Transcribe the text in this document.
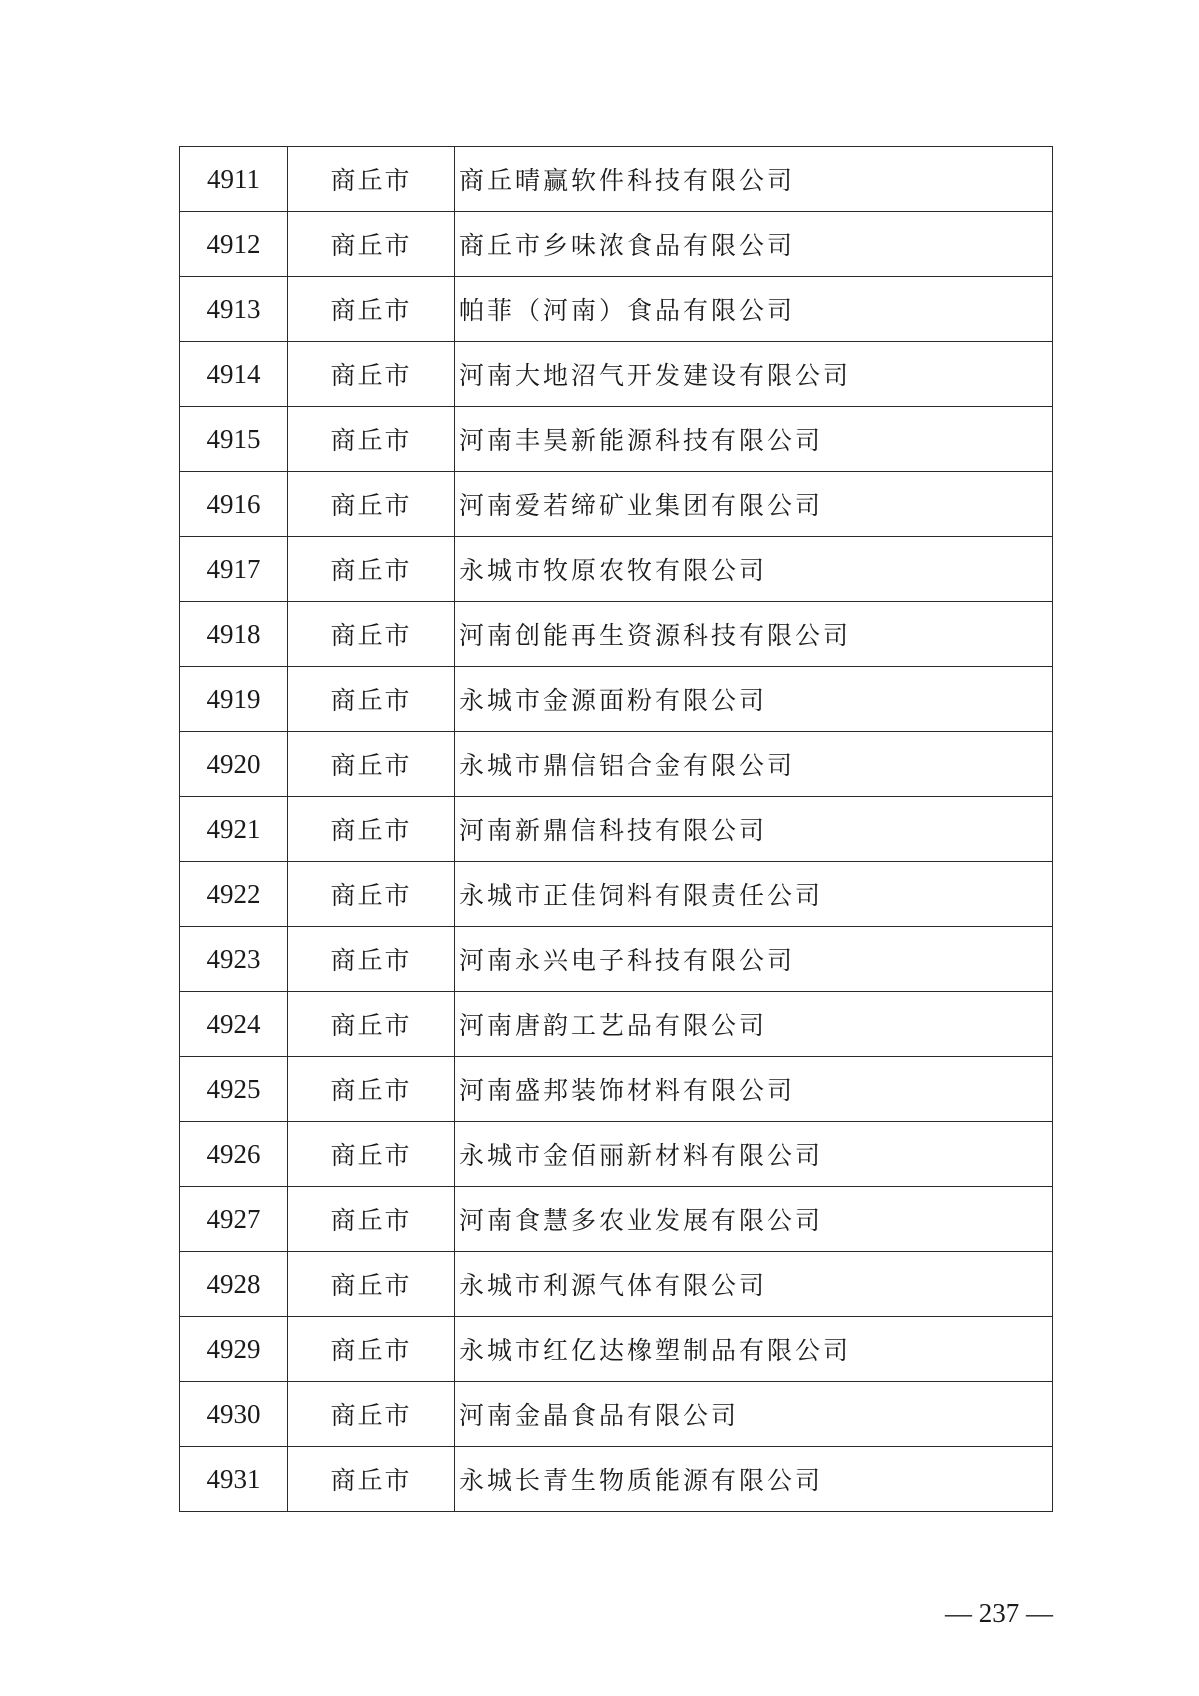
4911	商丘市	商丘晴赢软件科技有限公司
4912	商丘市	商丘市乡味浓食品有限公司
4913	商丘市	帕菲（河南）食品有限公司
4914	商丘市	河南大地沼气开发建设有限公司
4915	商丘市	河南丰昊新能源科技有限公司
4916	商丘市	河南爱若缔矿业集团有限公司
4917	商丘市	永城市牧原农牧有限公司
4918	商丘市	河南创能再生资源科技有限公司
4919	商丘市	永城市金源面粉有限公司
4920	商丘市	永城市鼎信铝合金有限公司
4921	商丘市	河南新鼎信科技有限公司
4922	商丘市	永城市正佳饲料有限责任公司
4923	商丘市	河南永兴电子科技有限公司
4924	商丘市	河南唐韵工艺品有限公司
4925	商丘市	河南盛邦装饰材料有限公司
4926	商丘市	永城市金佰丽新材料有限公司
4927	商丘市	河南食慧多农业发展有限公司
4928	商丘市	永城市利源气体有限公司
4929	商丘市	永城市红亿达橡塑制品有限公司
4930	商丘市	河南金晶食品有限公司
4931	商丘市	永城长青生物质能源有限公司
— 237 —
